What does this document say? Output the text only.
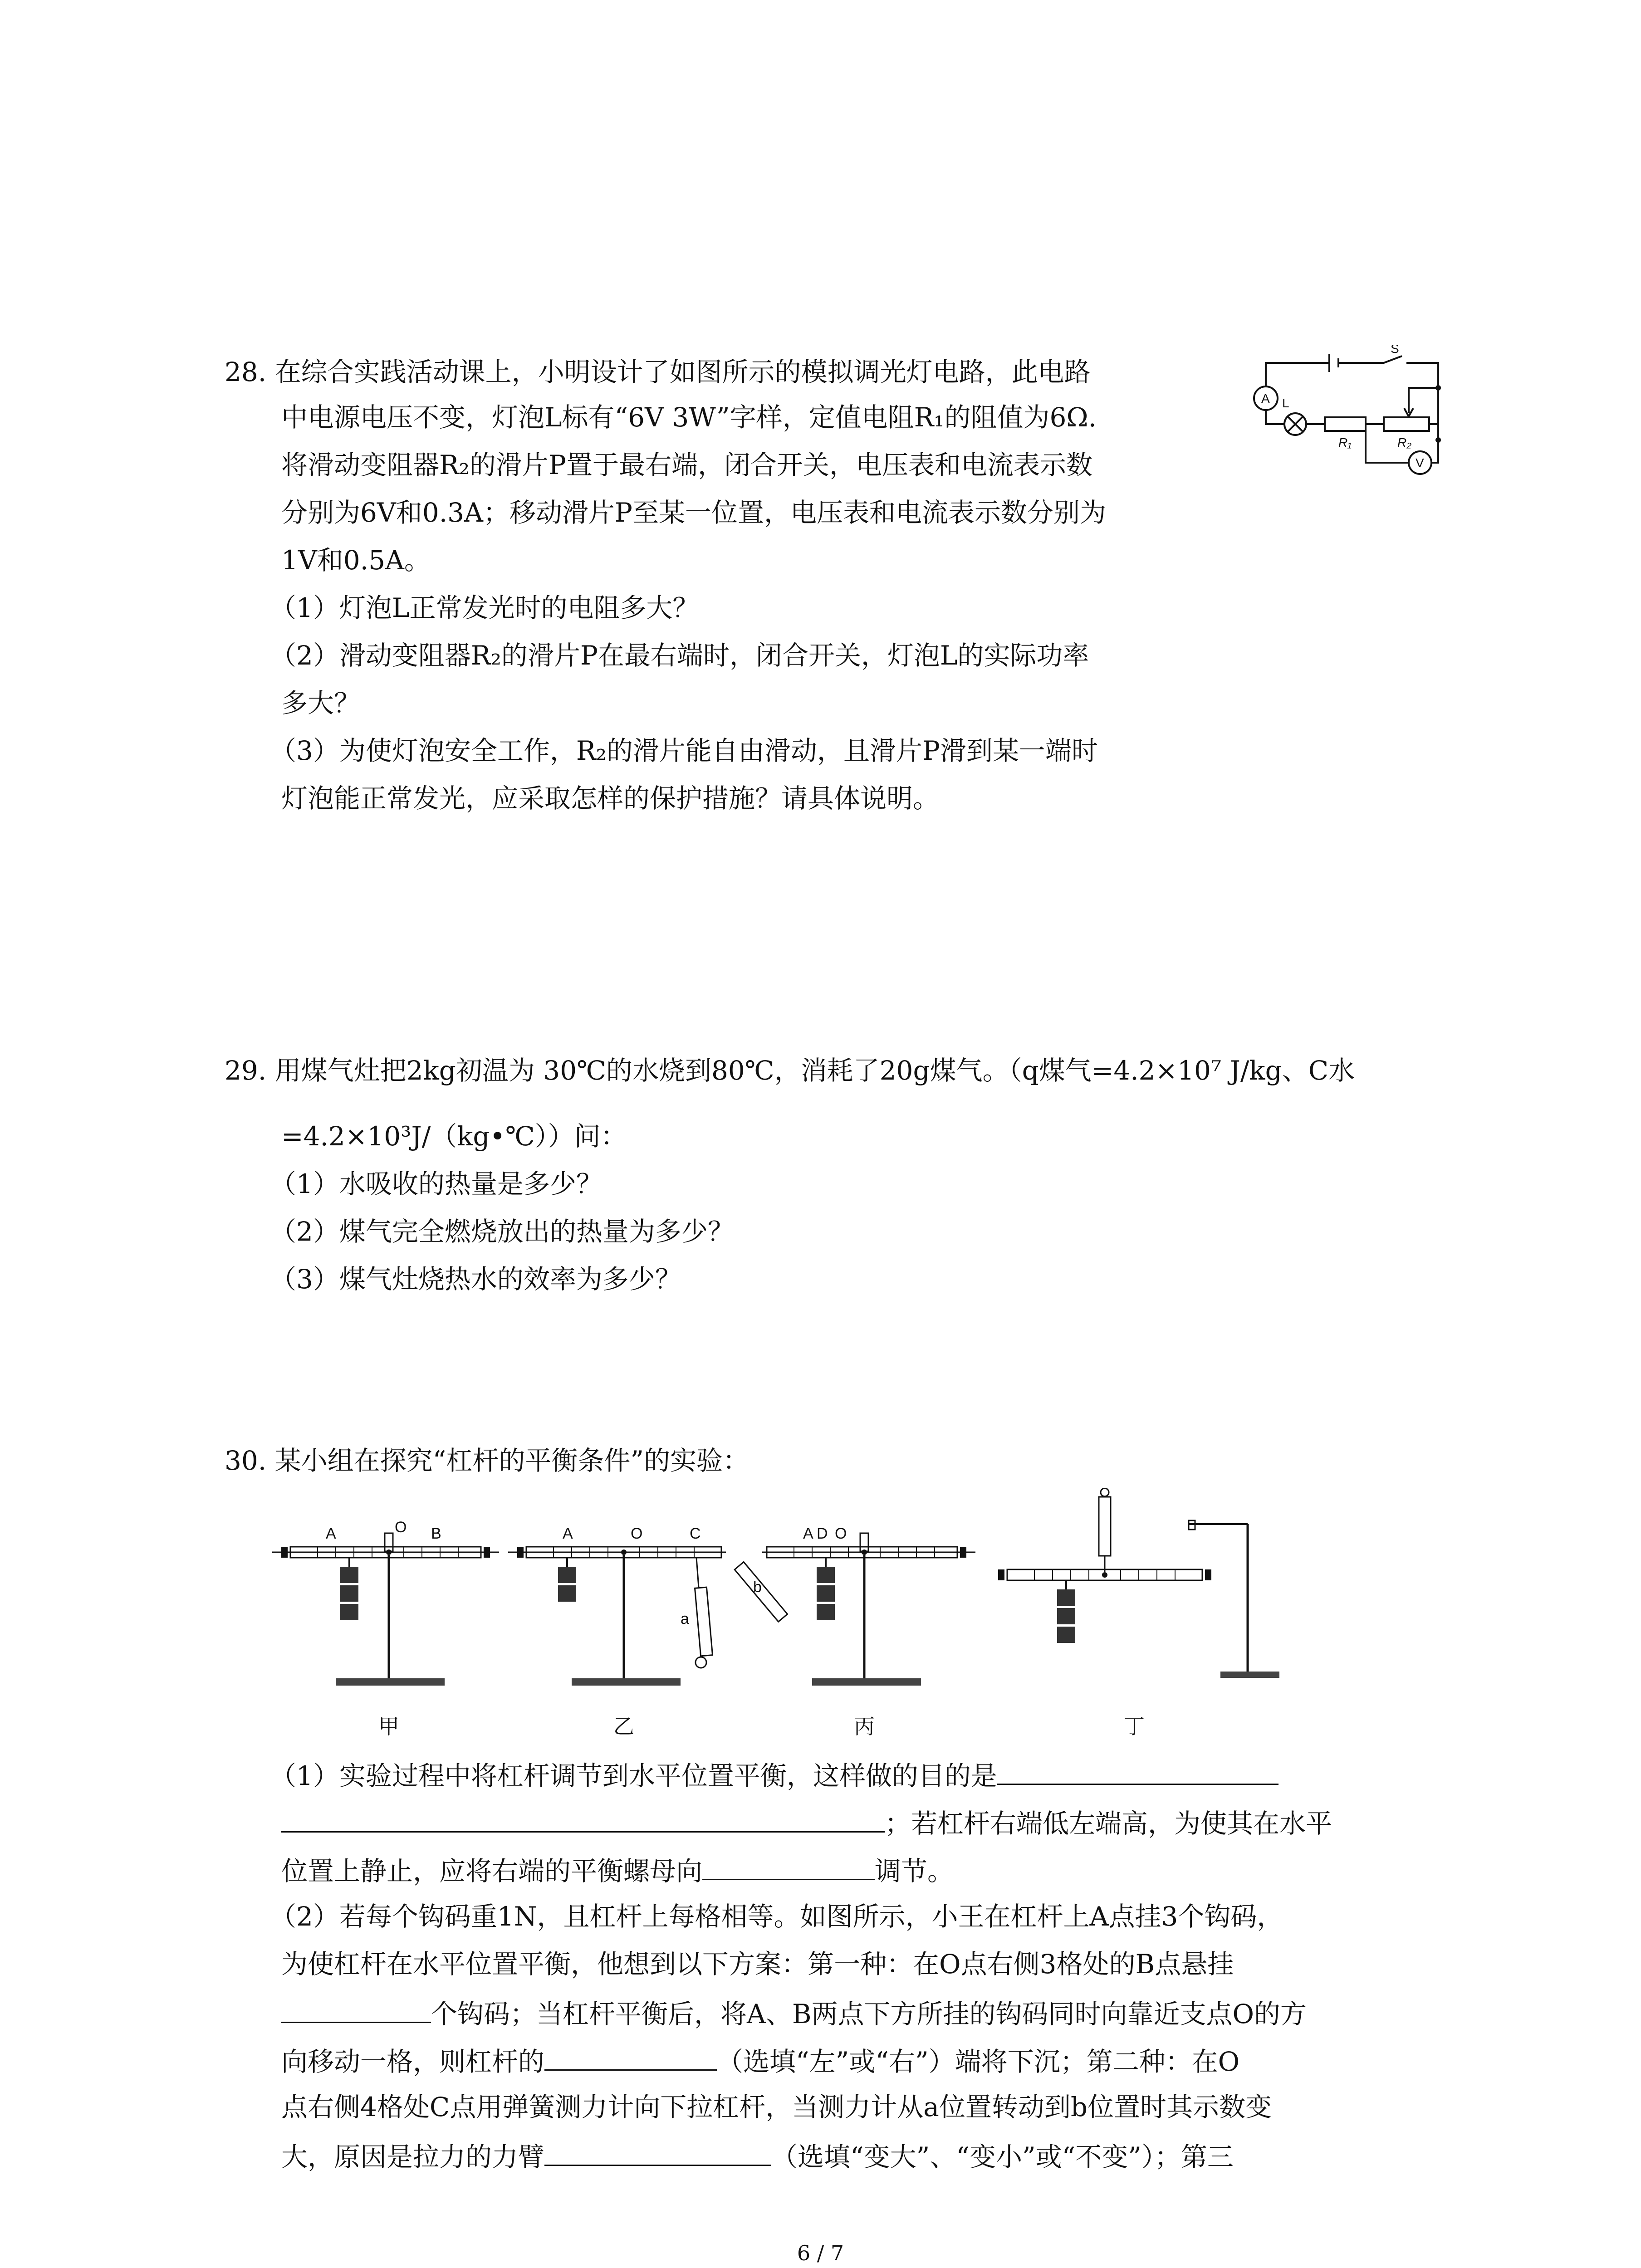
28. 在综合实践活动课上，小明设计了如图所示的模拟调光灯电路，此电路
中电源电压不变，灯泡L标有“6V 3W”字样，定值电阻R₁的阻值为6Ω.
将滑动变阻器R₂的滑片P置于最右端，闭合开关，电压表和电流表示数
分别为6V和0.3A；移动滑片P至某一位置，电压表和电流表示数分别为
1V和0.5A。
（1）灯泡L正常发光时的电阻多大？
（2）滑动变阻器R₂的滑片P在最右端时，闭合开关，灯泡L的实际功率
多大？
（3）为使灯泡安全工作，R₂的滑片能自由滑动，且滑片P滑到某一端时
灯泡能正常发光，应采取怎样的保护措施？请具体说明。
S
A L
R₁	R₂
V
29. 用煤气灶把2kg初温为 30℃的水烧到80℃，消耗了20g煤气。（q煤气=4.2×10⁷ J/kg、C水
=4.2×10³J/（kg•℃））问：
（1）水吸收的热量是多少？
（2）煤气完全燃烧放出的热量为多少？
（3）煤气灶烧热水的效率为多少？
30. 某小组在探究“杠杆的平衡条件”的实验：
A	O B	A	O	C
a
b
A D O
甲	乙	丙	丁
（1）实验过程中将杠杆调节到水平位置平衡，这样做的目的是
；若杠杆右端低左端高，为使其在水平
位置上静止，应将右端的平衡螺母向	调节。
（2）若每个钩码重1N，且杠杆上每格相等。如图所示，小王在杠杆上A点挂3个钩码，
为使杠杆在水平位置平衡，他想到以下方案：第一种：在O点右侧3格处的B点悬挂
个钩码；当杠杆平衡后，将A、B两点下方所挂的钩码同时向靠近支点O的方
向移动一格，则杠杆的	（选填“左”或“右”）端将下沉；第二种：在O
点右侧4格处C点用弹簧测力计向下拉杠杆，当测力计从a位置转动到b位置时其示数变
大，原因是拉力的力臂	（选填“变大”、“变小”或“不变”）；第三
6 / 7
